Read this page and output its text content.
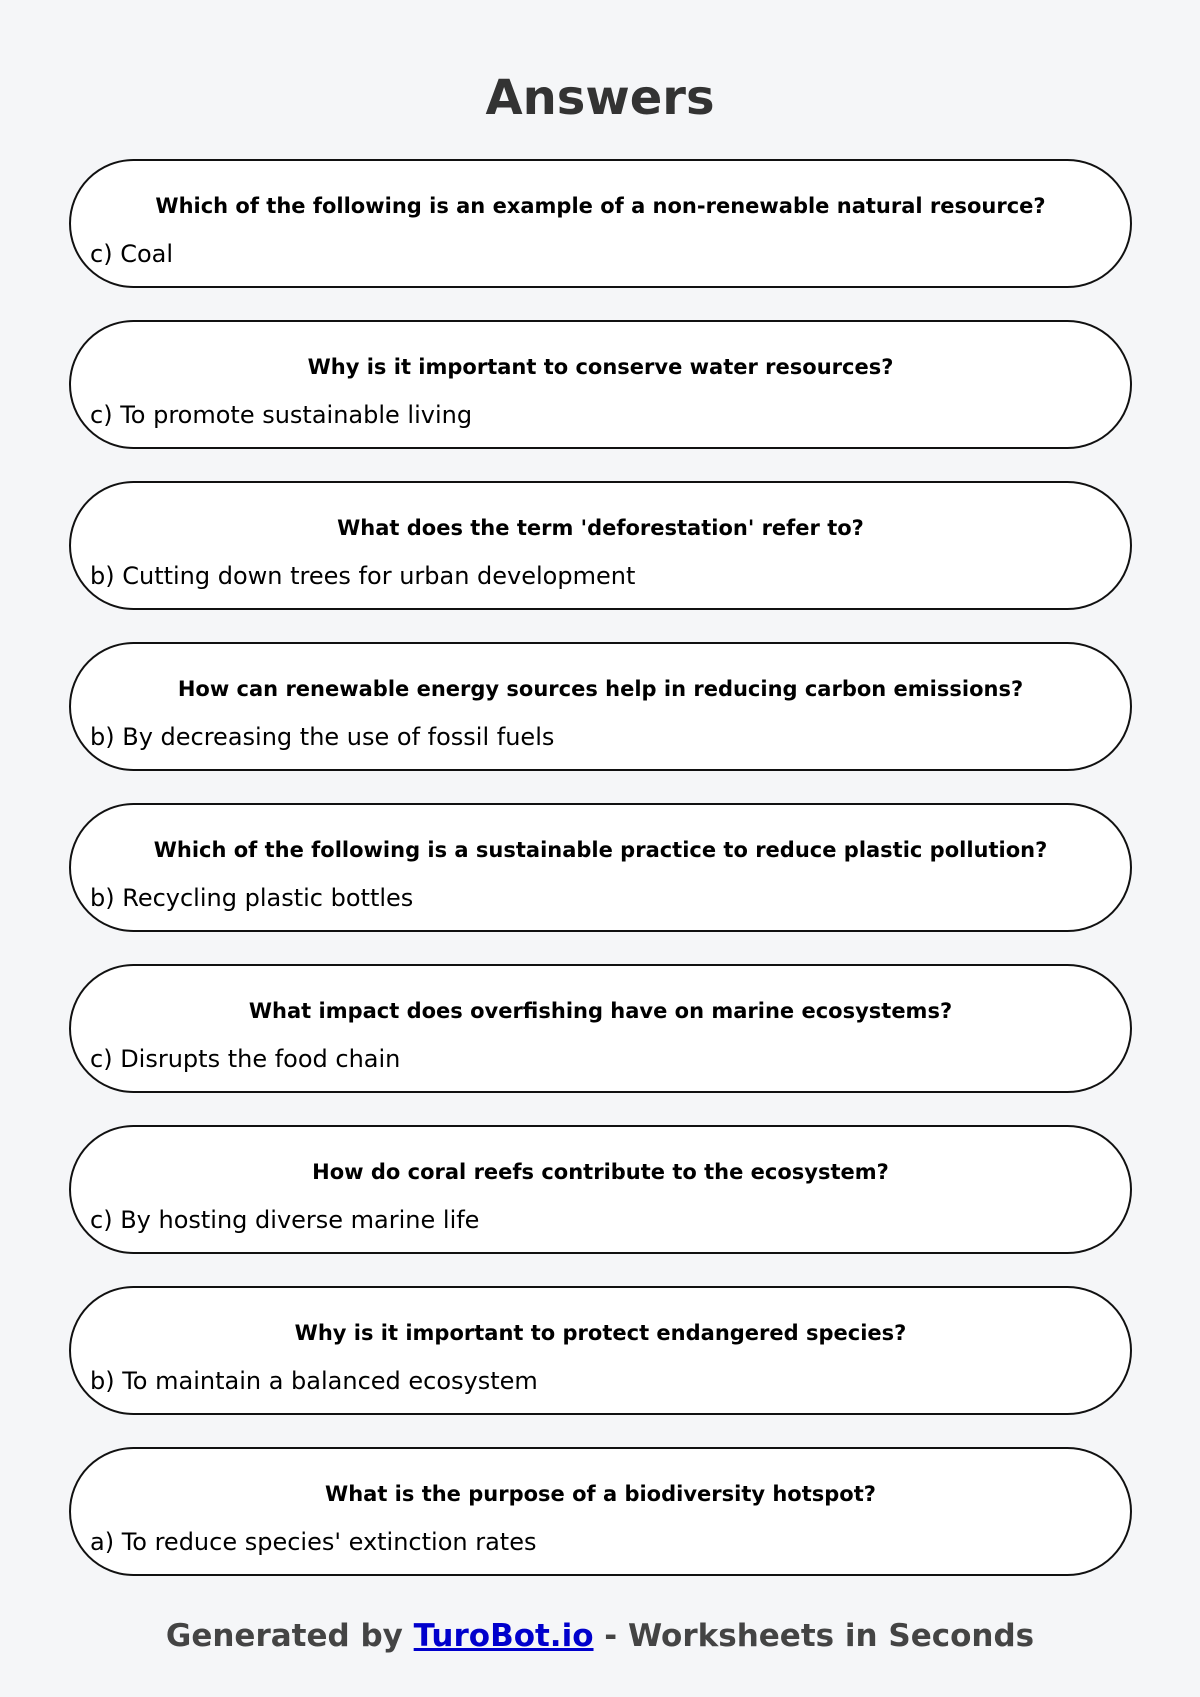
Answers
Which of the following is an example of a non-renewable natural resource?
c) Coal
Why is it important to conserve water resources?
c) To promote sustainable living
What does the term 'deforestation' refer to?
b) Cutting down trees for urban development
How can renewable energy sources help in reducing carbon emissions?
b) By decreasing the use of fossil fuels
Which of the following is a sustainable practice to reduce plastic pollution?
b) Recycling plastic bottles
What impact does overfishing have on marine ecosystems?
c) Disrupts the food chain
How do coral reefs contribute to the ecosystem?
c) By hosting diverse marine life
Why is it important to protect endangered species?
b) To maintain a balanced ecosystem
What is the purpose of a biodiversity hotspot?
a) To reduce species' extinction rates
Generated by TuroBot.io - Worksheets in Seconds
